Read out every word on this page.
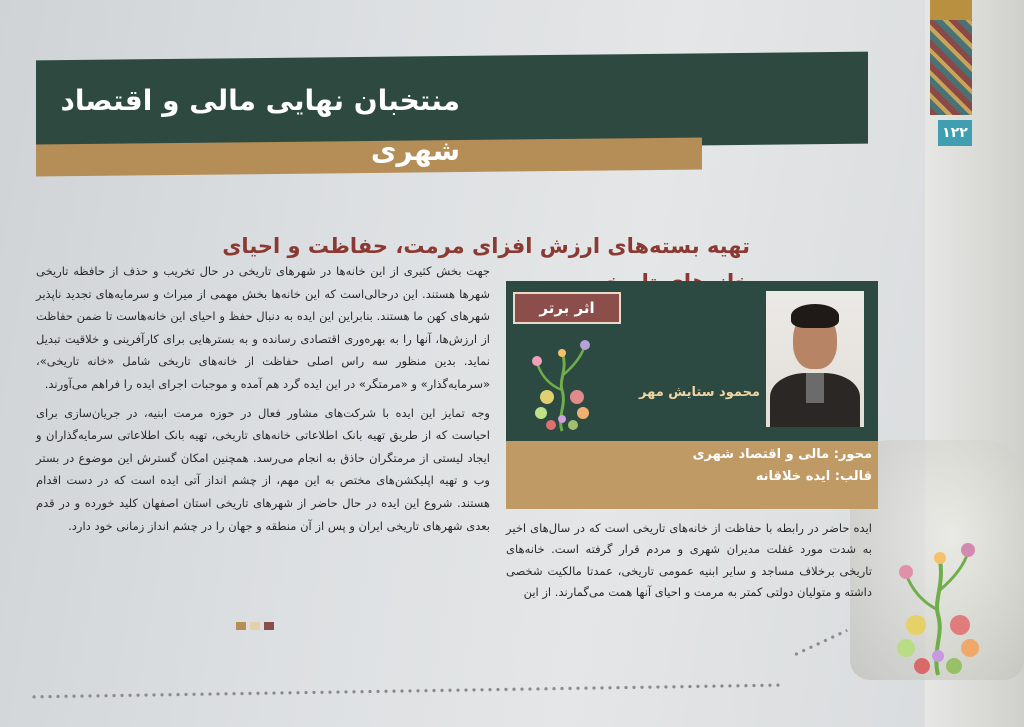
۱۲۲
منتخبان نهایی مالی و اقتصاد شهری
تهیه بسته‌های ارزش افزای مرمت، حفاظت و احیای

جهت بخش کثیری از این خانه‌ها در شهرهای تاریخی در حال تخریب و حذف از حافظه تاریخی شهرها هستند. این درحالی‌است که این خانه‌ها بخش مهمی از میراث و سرمایه‌های تجدید ناپذیر شهرهای کهن ما هستند. بنابراین این ایده به دنبال حفظ و احیای این خانه‌هاست تا ضمن حفاظت از ارزش‌ها، آنها را به بهره‌وری اقتصادی رسانده و به بسترهایی برای کارآفرینی و خلاقیت تبدیل نماید. بدین منظور سه راس اصلی حفاظت از خانه‌های تاریخی شامل «خانه تاریخی»، «سرمایه‌گذار» و «مرمتگر» در این ایده گرد هم آمده و موجبات اجرای ایده را فراهم می‌آورند.

وجه تمایز این ایده با شرکت‌های مشاور فعال در حوزه مرمت ابنیه، در جریان‌سازی برای احیاست که از طریق تهیه بانک اطلاعاتی خانه‌های تاریخی، تهیه بانک اطلاعاتی سرمایه‌گذاران و ایجاد لیستی از مرمتگران حاذق به انجام می‌رسد. همچنین امکان گسترش این موضوع در بستر وب و تهیه اپلیکشن‌های مختص به این مهم، از چشم انداز آتی ایده است که در دست اقدام هستند. شروع این ایده در حال حاضر از شهرهای تاریخی استان اصفهان کلید خورده و در قدم بعدی شهرهای تاریخی ایران و پس از آن منطقه و جهان را در چشم انداز زمانی خود دارد.

اثر برتر
محمود ستایش مهر
محور: مالی و اقتصاد شهری
قالب: ایده خلاقانه
ایده حاضر در رابطه با حفاظت از خانه‌های تاریخی است که در سال‌های اخیر به شدت مورد غفلت مدیران شهری و مردم قرار گرفته است. خانه‌های تاریخی برخلاف مساجد و سایر ابنیه عمومی تاریخی، عمدتا مالکیت شخصی داشته و متولیان دولتی کمتر به مرمت و احیای آنها همت می‌گمارند. از این
